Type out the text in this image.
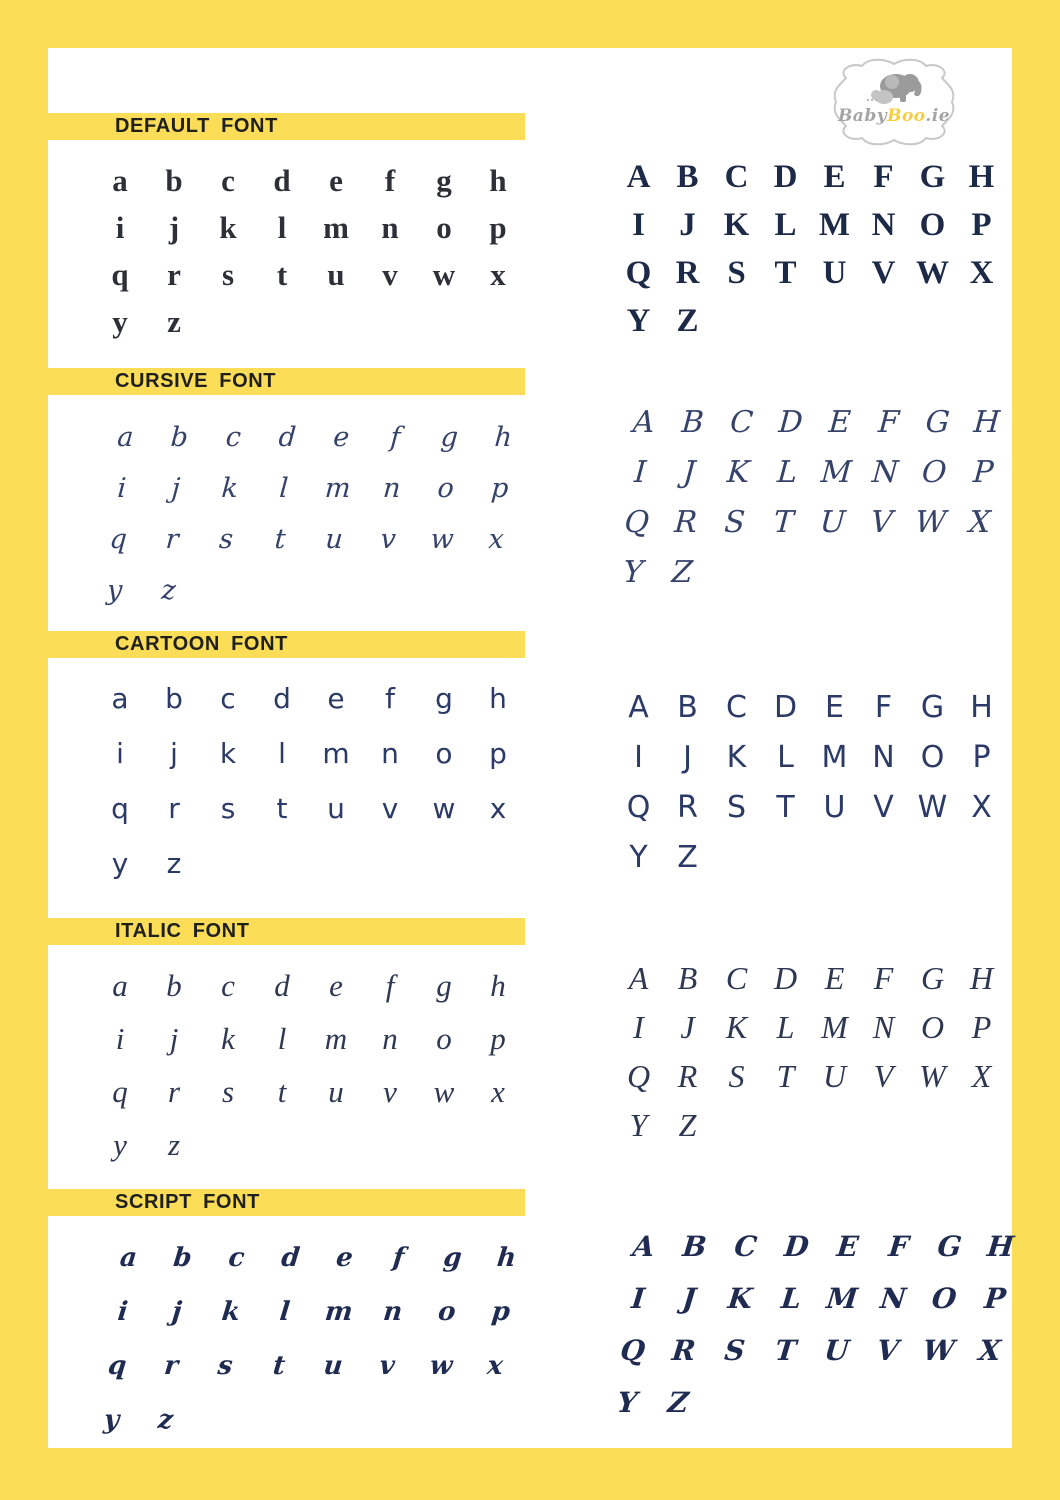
BabyBoo.ie
DEFAULT FONT
a	b	c	d	e	f	g	h
i	j	k	l	m	n	o	p
q	r	s	t	u	v	w	x
y	z
A B C D E F G H
I	J K L M N O P
Q R S T U V W X
Y Z
CURSIVE FONT
a	b	c	d	e	f	g	h
i	j	k	l	m	n	o	p
q	r	s	t	u	v	w	x
y	z
A B C D E F G H
I	J K L M N O P
Q R S T U V W X
Y Z
CARTOON FONT
a	b	c	d	e	f	g	h
i	j	k	l	m	n	o	p
q	r	s	t	u	v	w	x
y	z
A B C D E	F G H
I	J	K	L M N O P
Q R S	T U V W X
Y Z
ITALIC FONT
a	b	c	d	e	f	g	h
i	j	k	l	m	n	o	p
q	r	s	t	u	v	w	x
y	z
A B C D E F G H
I	J K L M N O P
Q R S	T U V W X
Y Z
SCRIPT FONT
a	b	c	d	e	f	g	h
i	j	k	l	m	n	o	p
q	r	s	t	u	v	w	x
y	z
A B C D E F G H
I	J	K L M N O P
Q R S T U V W X
Y Z
